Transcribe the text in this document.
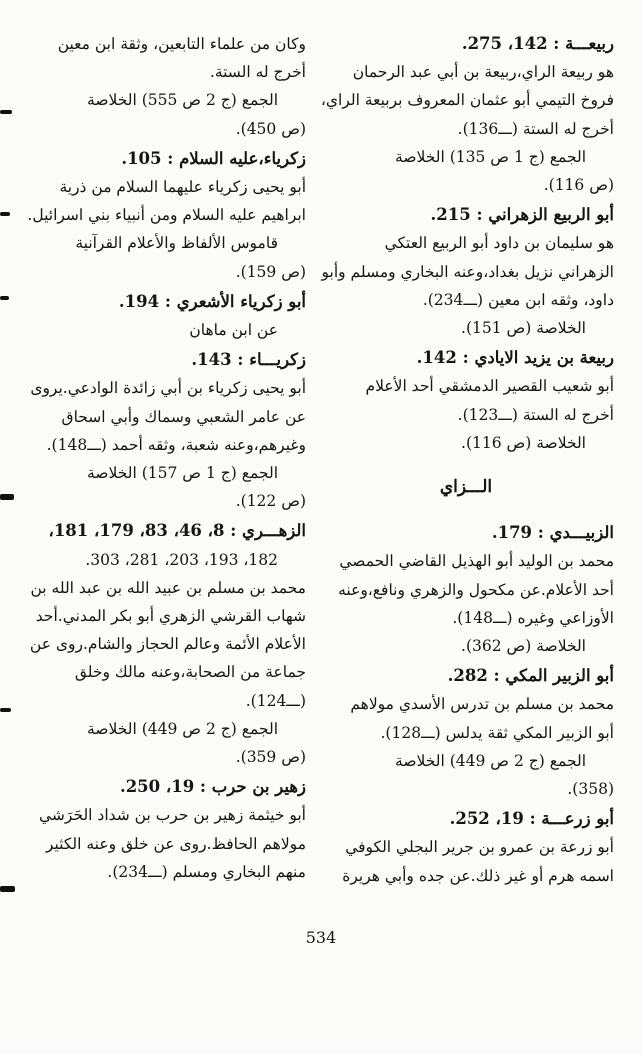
ربيعـــة : 142، 275.
هو ربيعة الراي،ربيعة بن أبي عبد الرحمان
فروخ التيمي أبو عثمان المعروف بربيعة الراي،
أخرج له الستة (ـــ136).
الجمع (ج 1 ص 135) الخلاصة
(ص 116).
أبو الربيع الزهراني : 215.
هو سليمان بن داود أبو الربيع العتكي
الزهراني نزيل بغداد،وعنه البخاري ومسلم وأبو
داود، وثقه ابن معين (ـــ234).
الخلاصة (ص 151).
ربيعة بن يزيد الايادي : 142.
أبو شعيب القصير الدمشقي أحد الأعلام
أخرج له الستة (ـــ123).
الخلاصة (ص 116).
الـــزاي
الزبيـــدي : 179.
محمد بن الوليد أبو الهذيل القاضي الحمصي
أحد الأعلام.عن مكحول والزهري ونافع،وعنه
الأوزاعي وغيره (ـــ148).
الخلاصة (ص 362).
أبو الزبير المكي : 282.
محمد بن مسلم بن تدرس الأسدي مولاهم
أبو الزبير المكي ثقة يدلس (ـــ128).
الجمع (ج 2 ص 449) الخلاصة
(358).
أبو زرعـــة : 19، 252.
أبو زرعة بن عمرو بن جرير البجلي الكوفي
اسمه هرم أو غير ذلك.عن جده وأبي هريرة
وكان من علماء التابعين، وثقة ابن معين
أخرج له الستة.
الجمع (ج 2 ص 555) الخلاصة
(ص 450).
زكرياء،عليه السلام : 105.
أبو يحيى زكرياء عليهما السلام من ذرية
ابراهيم عليه السلام ومن أنبياء بني اسرائيل.
قاموس الألفاظ والأعلام القرآنية
(ص 159).
أبو زكرياء الأشعري : 194.
عن ابن ماهان
زكريـــاء : 143.
أبو يحيى زكرياء بن أبي زائدة الوادعي.يروى
عن عامر الشعبي وسماك وأبي اسحاق
وغيرهم،وعنه شعبة، وثقه أحمد (ـــ148).
الجمع (ج 1 ص 157) الخلاصة
(ص 122).
الزهـــري : 8، 46، 83، 179، 181،
182، 193، 203، 281، 303.
محمد بن مسلم بن عبيد الله بن عبد الله بن
شهاب القرشي الزهري أبو بكر المدني.أحد
الأعلام الأئمة وعالم الحجاز والشام.روى عن
جماعة من الصحابة،وعنه مالك وخلق
(ـــ124).
الجمع (ج 2 ص 449) الخلاصة
(ص 359).
زهير بن حرب : 19، 250.
أبو خيثمة زهير بن حرب بن شداد الحَرَشي
مولاهم الحافظ.روى عن خلق وعنه الكثير
منهم البخاري ومسلم (ـــ234).
534
